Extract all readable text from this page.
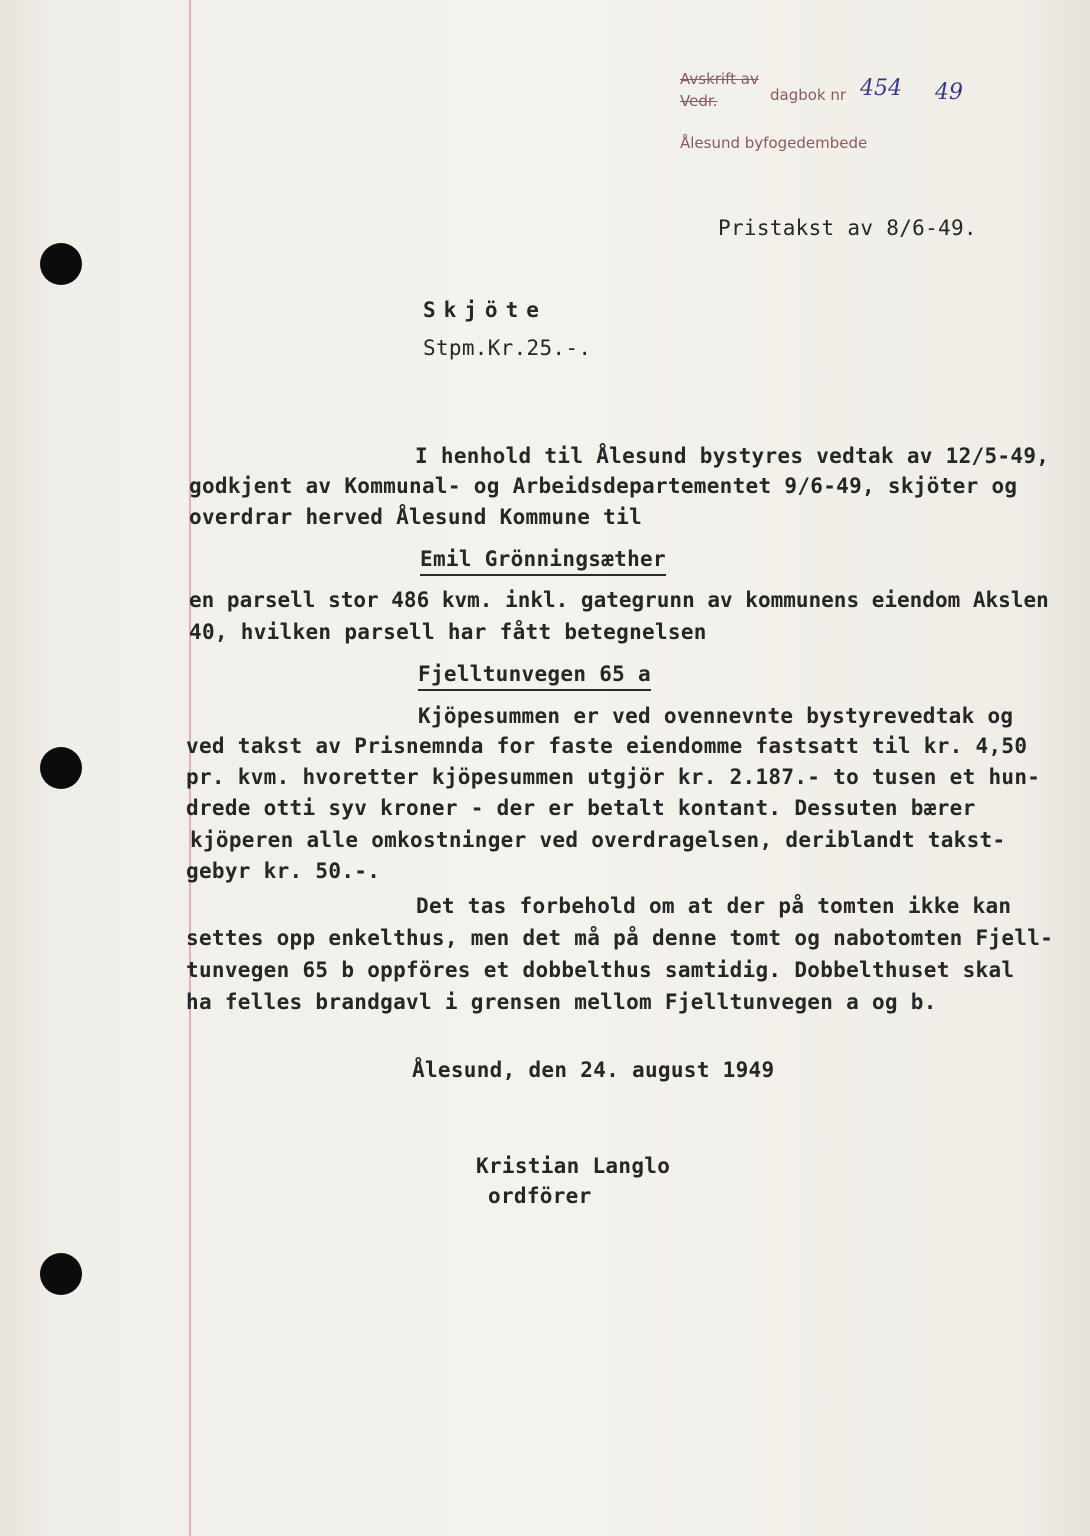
Avskrift av
dagbok nr 454 49
Vedr.
Ålesund byfogedembede
Pristakst av 8/6-49.
Skjöte
Stpm.Kr.25.-.
I henhold til Ålesund bystyres vedtak av 12/5-49,
godkjent av Kommunal- og Arbeidsdepartementet 9/6-49, skjöter og
overdrar herved Ålesund Kommune til
Emil Grönningsæther
en parsell stor 486 kvm. inkl. gategrunn av kommunens eiendom Akslen
40, hvilken parsell har fått betegnelsen
Fjelltunvegen 65 a
Kjöpesummen er ved ovennevnte bystyrevedtak og
ved takst av Prisnemnda for faste eiendomme fastsatt til kr. 4,50
pr. kvm. hvoretter kjöpesummen utgjör kr. 2.187.- to tusen et hun-
drede otti syv kroner - der er betalt kontant. Dessuten bærer
kjöperen alle omkostninger ved overdragelsen, deriblandt takst-
gebyr kr. 50.-.
Det tas forbehold om at der på tomten ikke kan
settes opp enkelthus, men det må på denne tomt og nabotomten Fjell-
tunvegen 65 b oppföres et dobbelthus samtidig. Dobbelthuset skal
ha felles brandgavl i grensen mellom Fjelltunvegen a og b.
Ålesund, den 24. august 1949
Kristian Langlo
ordförer
